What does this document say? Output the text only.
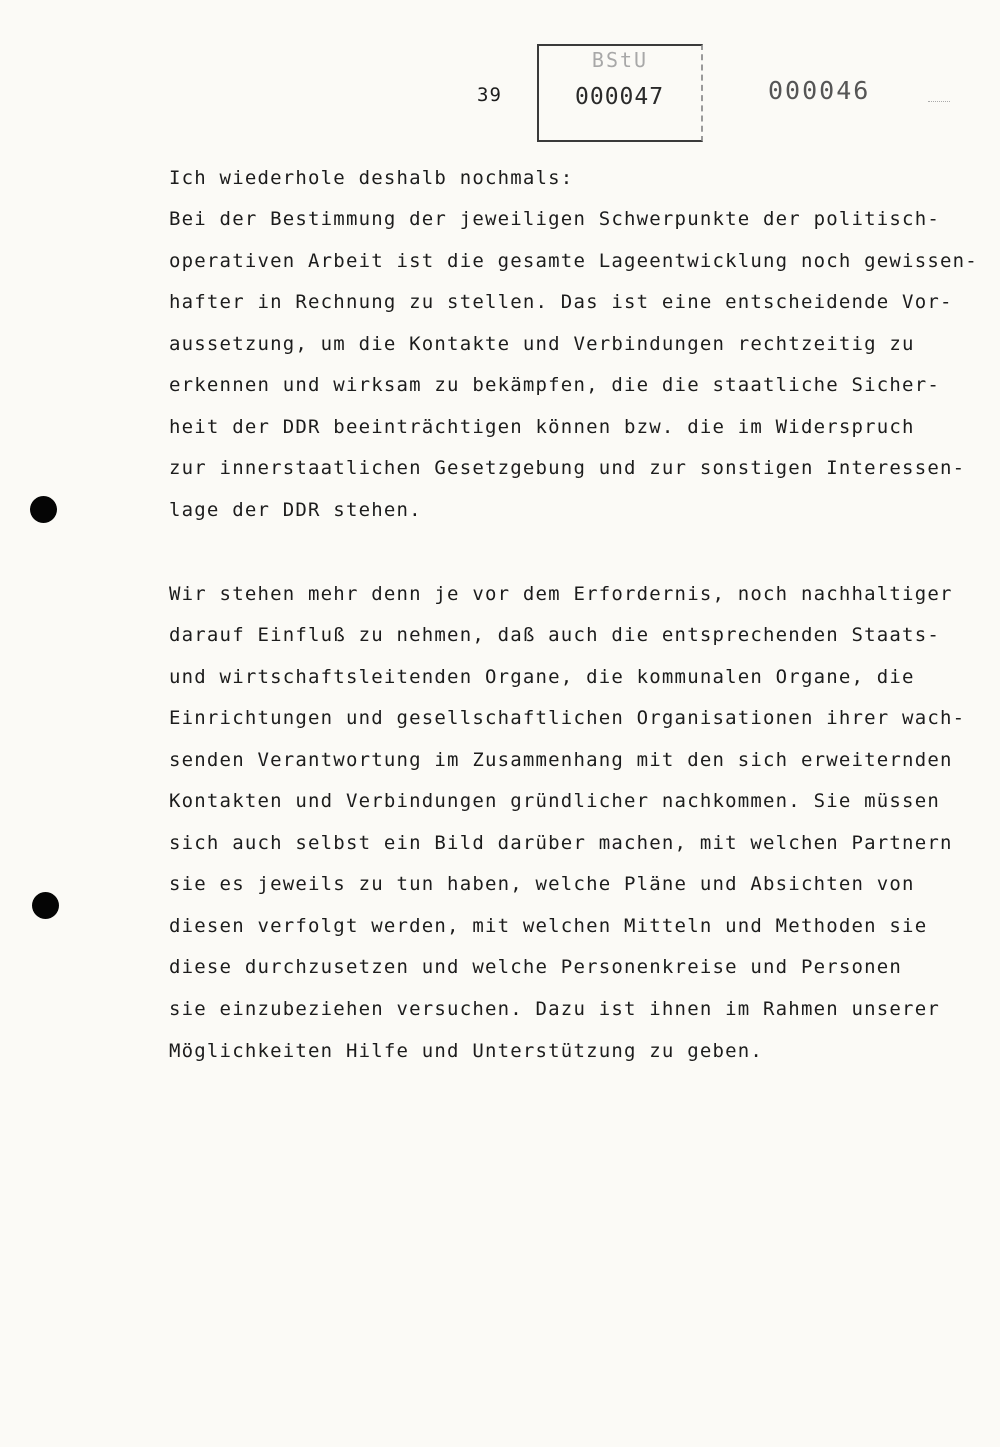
39
BStU
000047	000046
Ich wiederhole deshalb nochmals:
Bei der Bestimmung der jeweiligen Schwerpunkte der politisch-
operativen Arbeit ist die gesamte Lageentwicklung noch gewissen-
hafter in Rechnung zu stellen. Das ist eine entscheidende Vor-
aussetzung, um die Kontakte und Verbindungen rechtzeitig zu
erkennen und wirksam zu bekämpfen, die die staatliche Sicher-
heit der DDR beeinträchtigen können bzw. die im Widerspruch
zur innerstaatlichen Gesetzgebung und zur sonstigen Interessen-
lage der DDR stehen.
Wir stehen mehr denn je vor dem Erfordernis, noch nachhaltiger
darauf Einfluß zu nehmen, daß auch die entsprechenden Staats-
und wirtschaftsleitenden Organe, die kommunalen Organe, die
Einrichtungen und gesellschaftlichen Organisationen ihrer wach-
senden Verantwortung im Zusammenhang mit den sich erweiternden
Kontakten und Verbindungen gründlicher nachkommen. Sie müssen
sich auch selbst ein Bild darüber machen, mit welchen Partnern
sie es jeweils zu tun haben, welche Pläne und Absichten von
diesen verfolgt werden, mit welchen Mitteln und Methoden sie
diese durchzusetzen und welche Personenkreise und Personen
sie einzubeziehen versuchen. Dazu ist ihnen im Rahmen unserer
Möglichkeiten Hilfe und Unterstützung zu geben.
